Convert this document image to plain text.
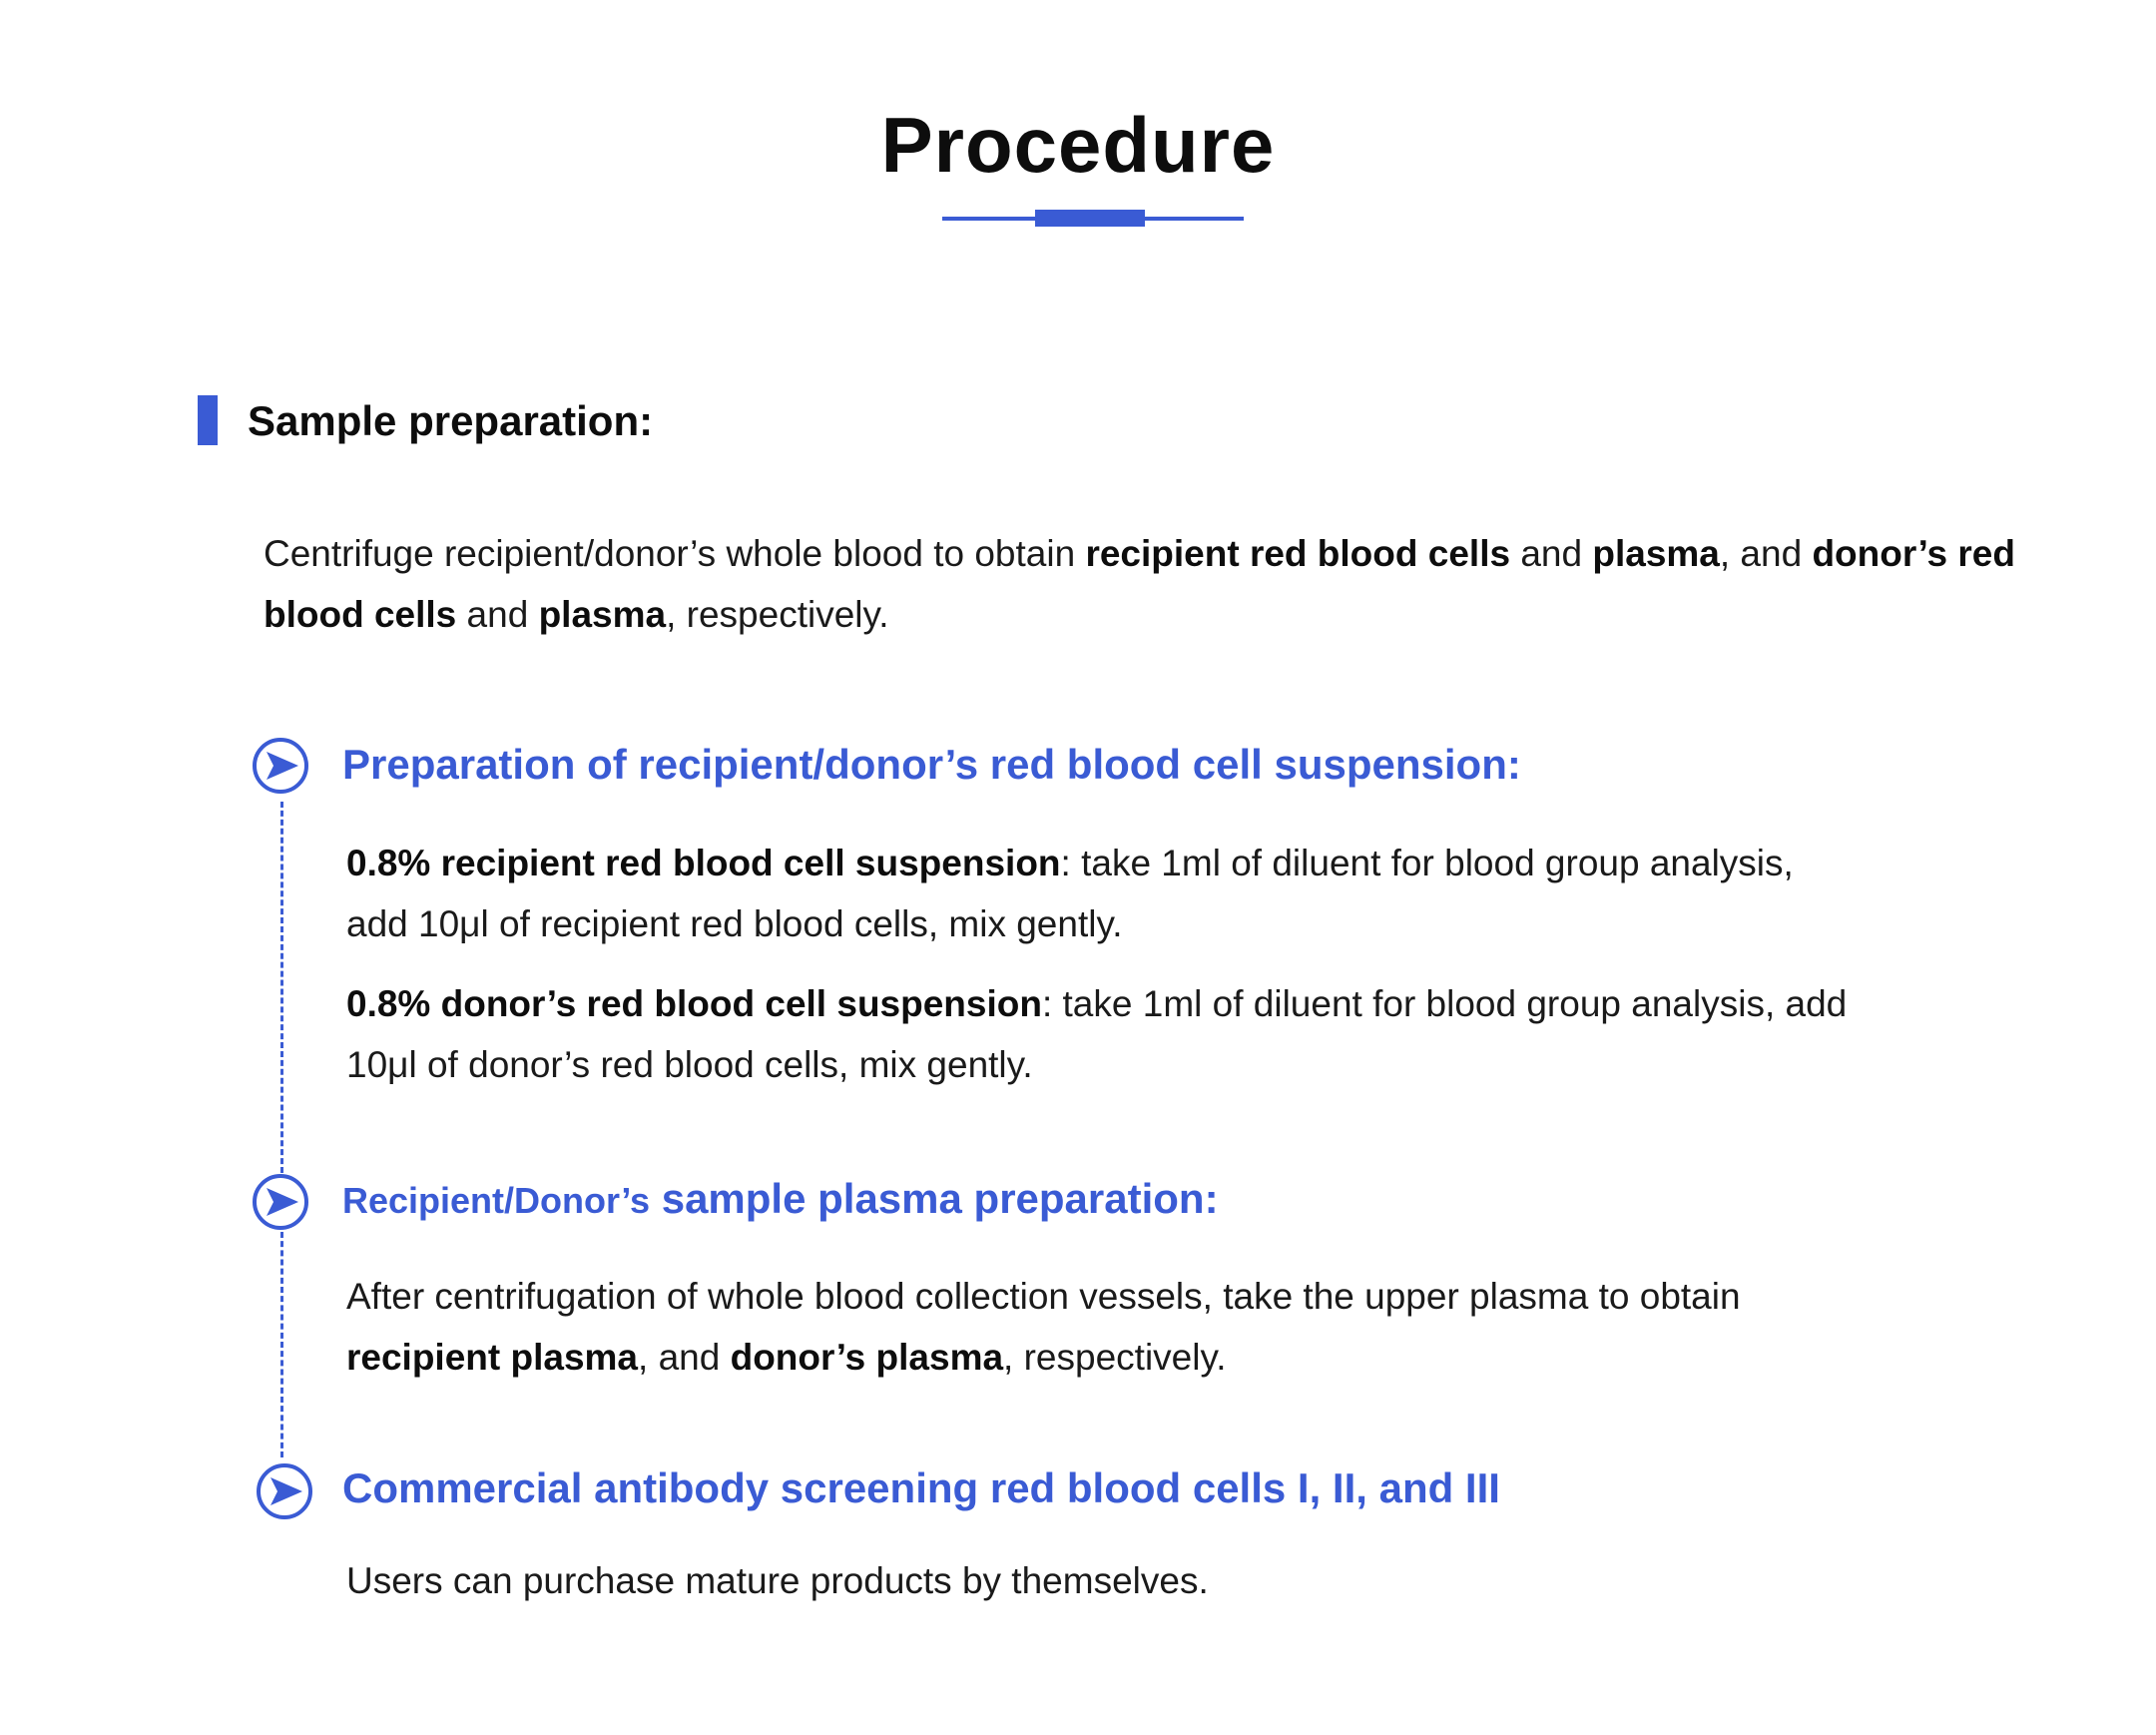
Procedure
Sample preparation:

Centrifuge recipient/donor’s whole blood to obtain recipient red blood cells and plasma, and donor’s red blood cells and plasma, respectively.

Preparation of recipient/donor’s red blood cell suspension:

0.8% recipient red blood cell suspension: take 1ml of diluent for blood group analysis, add 10μl of recipient red blood cells, mix gently.

0.8% donor’s red blood cell suspension: take 1ml of diluent for blood group analysis, add 10μl of donor’s red blood cells, mix gently.

Recipient/Donor’s sample plasma preparation:

After centrifugation of whole blood collection vessels, take the upper plasma to obtain recipient plasma, and donor’s plasma, respectively.

Commercial antibody screening red blood cells I, II, and III

Users can purchase mature products by themselves.
